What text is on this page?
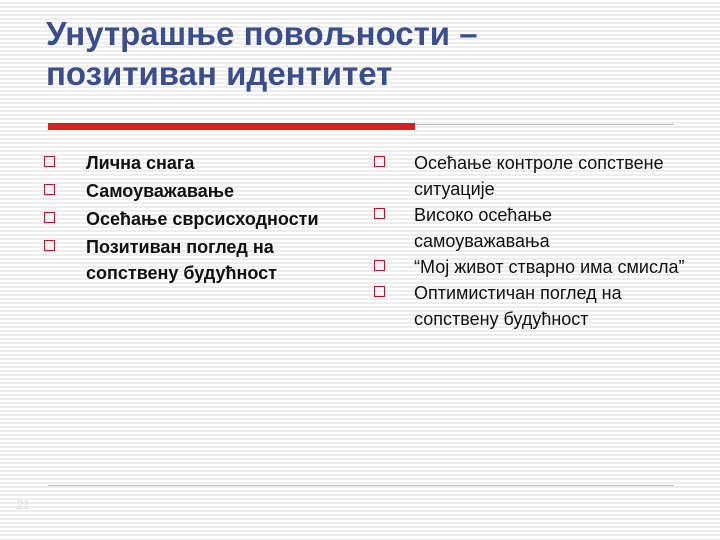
Унутрашње повољности –
позитиван идентитет
Лична снага
Самоуважавање
Осећање сврсисходности
Позитиван поглед на сопствену будућност
Осећање контроле сопствене ситуације
Високо осећање самоуважавања
“Мој живот стварно има смисла”
Оптимистичан поглед на сопствену будућност
21
